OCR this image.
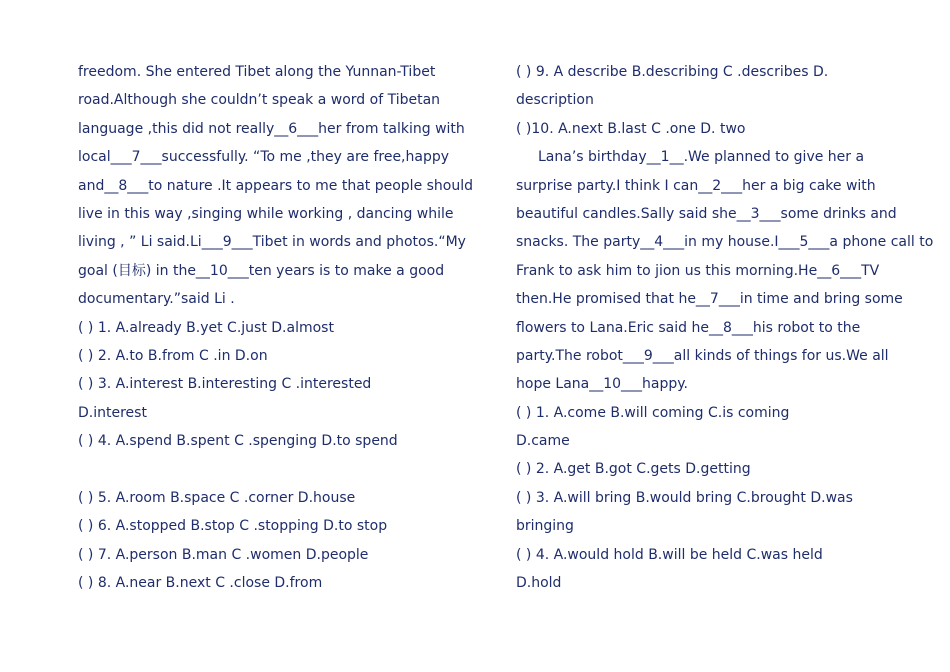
freedom. She entered Tibet along the Yunnan-Tibet
road.Although she couldn’t speak a word of Tibetan
language ,this did not really__6___her from talking with
local___7___successfully. “To me ,they are free,happy
and__8___to nature .It appears to me that people should
live in this way ,singing while working , dancing while
living , ” Li said.Li___9___Tibet in words and photos.“My
goal (目标) in the__10___ten years is to make a good
documentary.”said Li .
( ) 1. A.already B.yet C.just D.almost
( ) 2. A.to B.from C .in D.on
( ) 3. A.interest B.interesting C .interested
D.interest
( ) 4. A.spend B.spent C .spenging D.to spend
( ) 5. A.room B.space C .corner D.house
( ) 6. A.stopped B.stop C .stopping D.to stop
( ) 7. A.person B.man C .women D.people
( ) 8. A.near B.next C .close D.from
( ) 9. A describe B.describing C .describes D.
description
( )10. A.next B.last C .one D. two
Lana’s birthday__1__.We planned to give her a
surprise party.I think I can__2___her a big cake with
beautiful candles.Sally said she__3___some drinks and
snacks. The party__4___in my house.I___5___a phone call to
Frank to ask him to jion us this morning.He__6___TV
then.He promised that he__7___in time and bring some
flowers to Lana.Eric said he__8___his robot to the
party.The robot___9___all kinds of things for us.We all
hope Lana__10___happy.
( ) 1. A.come B.will coming C.is coming
D.came
( ) 2. A.get B.got C.gets D.getting
( ) 3. A.will bring B.would bring C.brought D.was
bringing
( ) 4. A.would hold B.will be held C.was held
D.hold
